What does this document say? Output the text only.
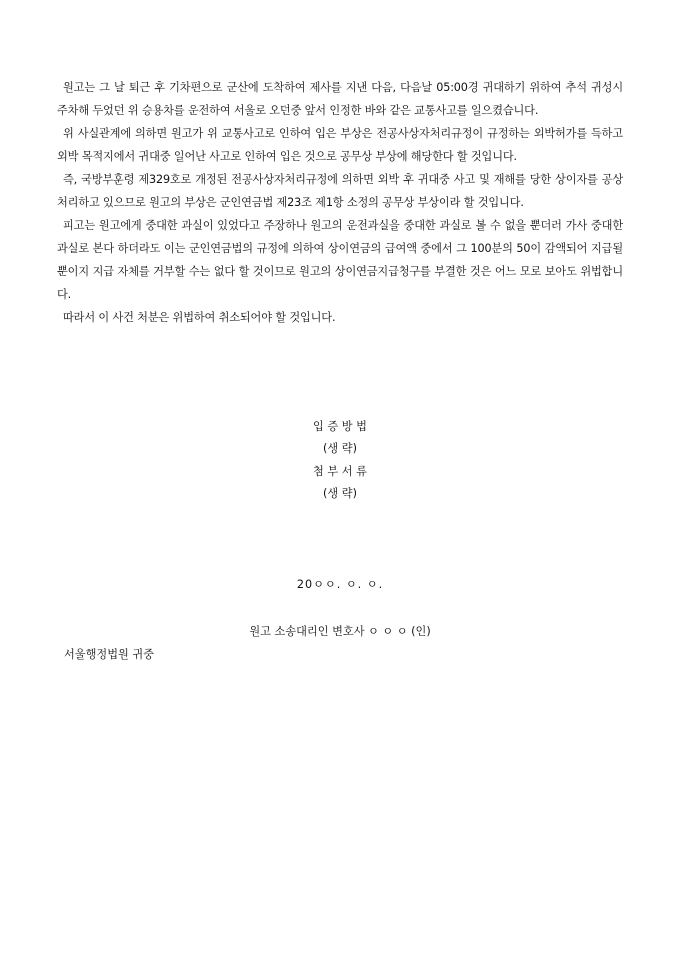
원고는 그 날 퇴근 후 기차편으로 군산에 도착하여 제사를 지낸 다음, 다음날 05:00경 귀대하기 위하여 추석 귀성시 주차해 두었던 위 승용차를 운전하여 서울로 오던중 앞서 인정한 바와 같은 교통사고를 일으켰습니다.

위 사실관계에 의하면 원고가 위 교통사고로 인하여 입은 부상은 전공사상자처리규정이 규정하는 외박허가를 득하고 외박 목적지에서 귀대중 일어난 사고로 인하여 입은 것으로 공무상 부상에 해당한다 할 것입니다.

즉, 국방부훈령 제329호로 개정된 전공사상자처리규정에 의하면 외박 후 귀대중 사고 및 재해를 당한 상이자를 공상처리하고 있으므로 원고의 부상은 군인연금법 제23조 제1항 소정의 공무상 부상이라 할 것입니다.

피고는 원고에게 중대한 과실이 있었다고 주장하나 원고의 운전과실을 중대한 과실로 볼 수 없을 뿐더러 가사 중대한 과실로 본다 하더라도 이는 군인연금법의 규정에 의하여 상이연금의 급여액 중에서 그 100분의 50이 감액되어 지급될 뿐이지 지급 자체를 거부할 수는 없다 할 것이므로 원고의 상이연금지급청구를 부결한 것은 어느 모로 보아도 위법합니다.

따라서 이 사건 처분은 위법하여 취소되어야 할 것입니다.

입 증 방 법
(생 략)
첨 부 서 류
(생 략)
20ㅇㅇ. ㅇ. ㅇ.
원고 소송대리인 변호사 ㅇ ㅇ ㅇ (인)
서울행정법원 귀중
